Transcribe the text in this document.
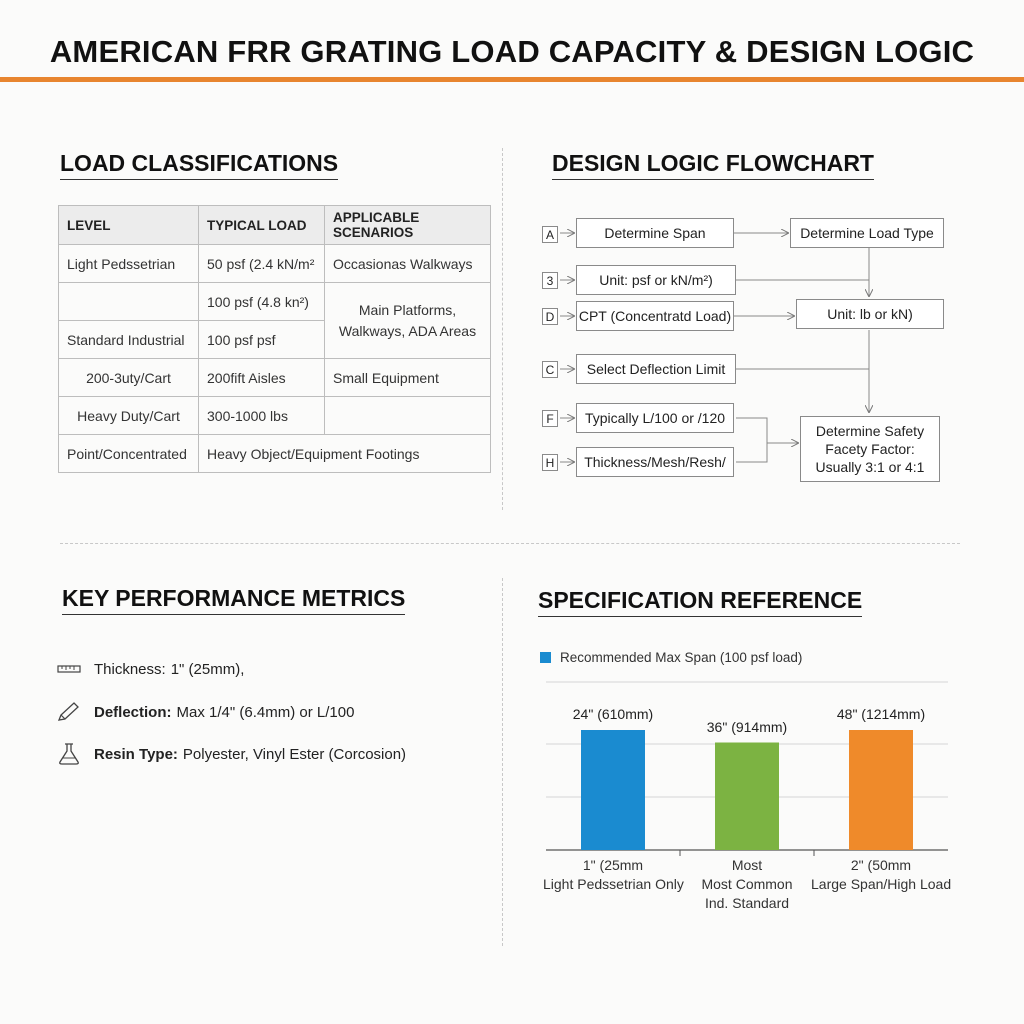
AMERICAN FRR GRATING LOAD CAPACITY & DESIGN LOGIC
LOAD CLASSIFICATIONS
LEVEL	TYPICAL LOAD	APPLICABLE SCENARIOS
Light Pedssetrian	50 psf (2.4 kN/m²	Occasionas Walkways
	100 psf (4.8 kn²)	Main Platforms, Walkways, ADA Areas
Standard Industrial	100 psf psf	
200-3uty/Cart	200fift Aisles	Small Equipment
Heavy Duty/Cart	300-1000 lbs	
Point/Concentrated	Heavy Object/Equipment Footings	
DESIGN LOGIC FLOWCHART
A
3
D
C
F
H
Determine Span
Unit: psf or kN/m²)
CPT (Concentratd Load)
Select Deflection Limit
Typically L/100 or /120
Thickness/Mesh/Resh/
Determine Load Type
Unit: lb or kN)
Determine Safety Facety Factor: Usually 3:1 or 4:1
KEY PERFORMANCE METRICS
Thickness: 1" (25mm),
Deflection: Max 1/4" (6.4mm) or L/100
Resin Type: Polyester, Vinyl Ester (Corcosion)
SPECIFICATION REFERENCE
Recommended Max Span (100 psf load)
1" (25mm
Light Pedssetrian Only
Most
Most Common
Ind. Standard
2" (50mm
Large Span/High Load
24" (610mm)
36" (914mm)
48" (1214mm)
